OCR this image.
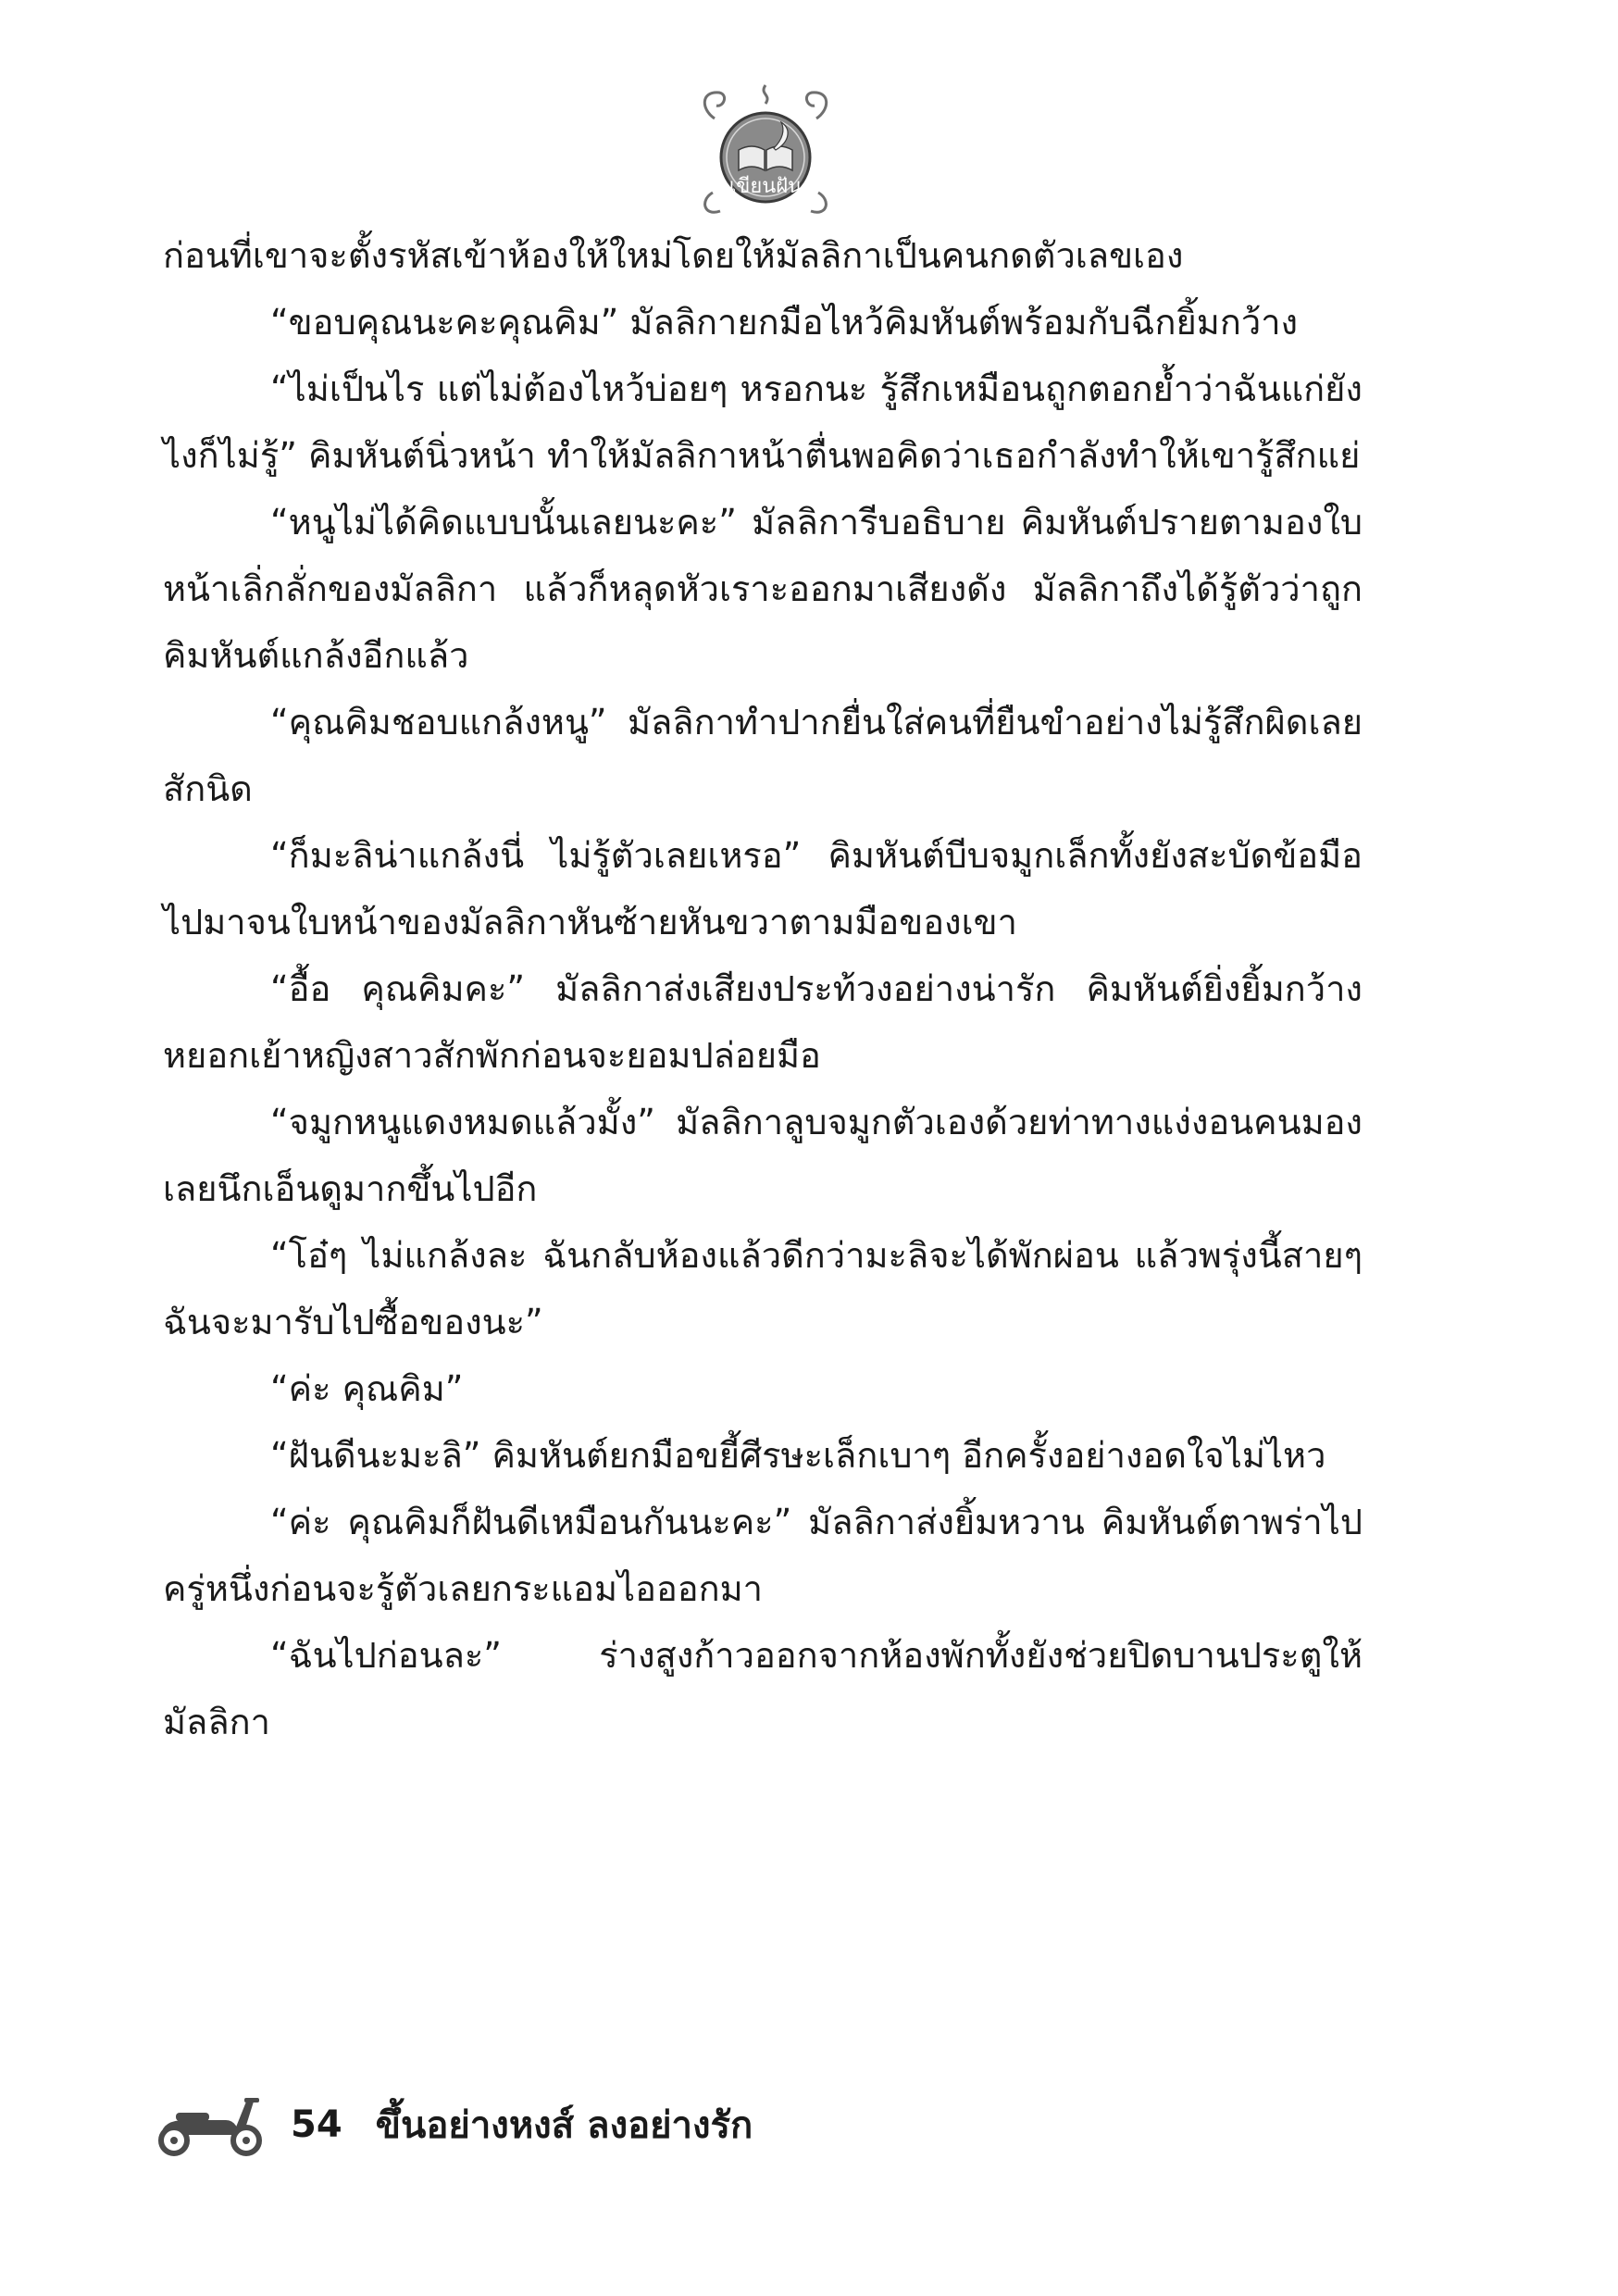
เขียนฝัน

ก่อนที่เขาจะตั้งรหัสเข้าห้องให้ใหม่โดยให้มัลลิกาเป็นคนกดตัวเลขเอง

“ขอบคุณนะคะคุณคิม” มัลลิกายกมือไหว้คิมหันต์พร้อมกับฉีกยิ้มกว้าง

“ไม่เป็นไร แต่ไม่ต้องไหว้บ่อยๆ หรอกนะ รู้สึกเหมือนถูกตอกย้ำว่าฉันแก่ยังไงก็ไม่รู้” คิมหันต์นิ่วหน้า ทำให้มัลลิกาหน้าตื่นพอคิดว่าเธอกำลังทำให้เขารู้สึกแย่

“หนูไม่ได้คิดแบบนั้นเลยนะคะ” มัลลิการีบอธิบาย คิมหันต์ปรายตามองใบหน้าเลิ่กลั่กของมัลลิกา แล้วก็หลุดหัวเราะออกมาเสียงดัง มัลลิกาถึงได้รู้ตัวว่าถูกคิมหันต์แกล้งอีกแล้ว

“คุณคิมชอบแกล้งหนู” มัลลิกาทำปากยื่นใส่คนที่ยืนขำอย่างไม่รู้สึกผิดเลยสักนิด

“ก็มะลิน่าแกล้งนี่ ไม่รู้ตัวเลยเหรอ” คิมหันต์บีบจมูกเล็กทั้งยังสะบัดข้อมือไปมาจนใบหน้าของมัลลิกาหันซ้ายหันขวาตามมือของเขา

“อื้อ คุณคิมคะ” มัลลิกาส่งเสียงประท้วงอย่างน่ารัก คิมหันต์ยิ่งยิ้มกว้าง หยอกเย้าหญิงสาวสักพักก่อนจะยอมปล่อยมือ

“จมูกหนูแดงหมดแล้วมั้ง” มัลลิกาลูบจมูกตัวเองด้วยท่าทางแง่งอนคนมองเลยนึกเอ็นดูมากขึ้นไปอีก

“โอ๋ๆ ไม่แกล้งละ ฉันกลับห้องแล้วดีกว่ามะลิจะได้พักผ่อน แล้วพรุ่งนี้สายๆ ฉันจะมารับไปซื้อของนะ”

“ค่ะ คุณคิม”

“ฝันดีนะมะลิ” คิมหันต์ยกมือขยี้ศีรษะเล็กเบาๆ อีกครั้งอย่างอดใจไม่ไหว

“ค่ะ คุณคิมก็ฝันดีเหมือนกันนะคะ” มัลลิกาส่งยิ้มหวาน คิมหันต์ตาพร่าไปครู่หนึ่งก่อนจะรู้ตัวเลยกระแอมไอออกมา

“ฉันไปก่อนละ” ร่างสูงก้าวออกจากห้องพักทั้งยังช่วยปิดบานประตูให้มัลลิกา

54 ขึ้นอย่างหงส์ ลงอย่างรัก
